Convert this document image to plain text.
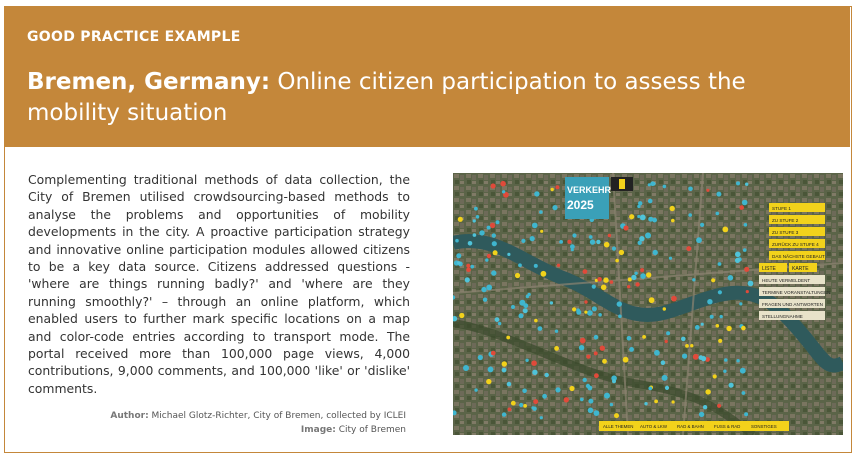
GOOD PRACTICE EXAMPLE
Bremen, Germany: Online citizen participation to assess the mobility situation
Complementing traditional methods of data collection, the City of Bremen utilised crowdsourcing-based methods to analyse the problems and opportunities of mobility developments in the city. A proactive participation strategy and innovative online participation modules allowed citizens to be a key data source. Citizens addressed questions - 'where are things running badly?' and 'where are they running smoothly?' – through an online platform, which enabled users to further mark specific locations on a map and color-code entries according to transport mode. The portal received more than 100,000 page views, 4,000 contributions, 9,000 comments, and 100,000 'like' or 'dislike' comments.
Author: Michael Glotz-Richter, City of Bremen, collected by ICLEI
Image: City of Bremen
VERKEHR
2025	STUFE 1
ZU STUFE 2
ZU STUFE 3
ZURÜCK ZU STUFE 4
DAS NÄCHSTE GEBAUT
LISTE	KARTE
HEUTE VERMELDENT
TERMINE VORANSTALTUNGEN
FRAGEN UND ANTWORTEN
STELLUNGNAHME
ALLE THEMEN AUTO & LKW RAD & BAHN FUSS & RAD SONSTIGES
